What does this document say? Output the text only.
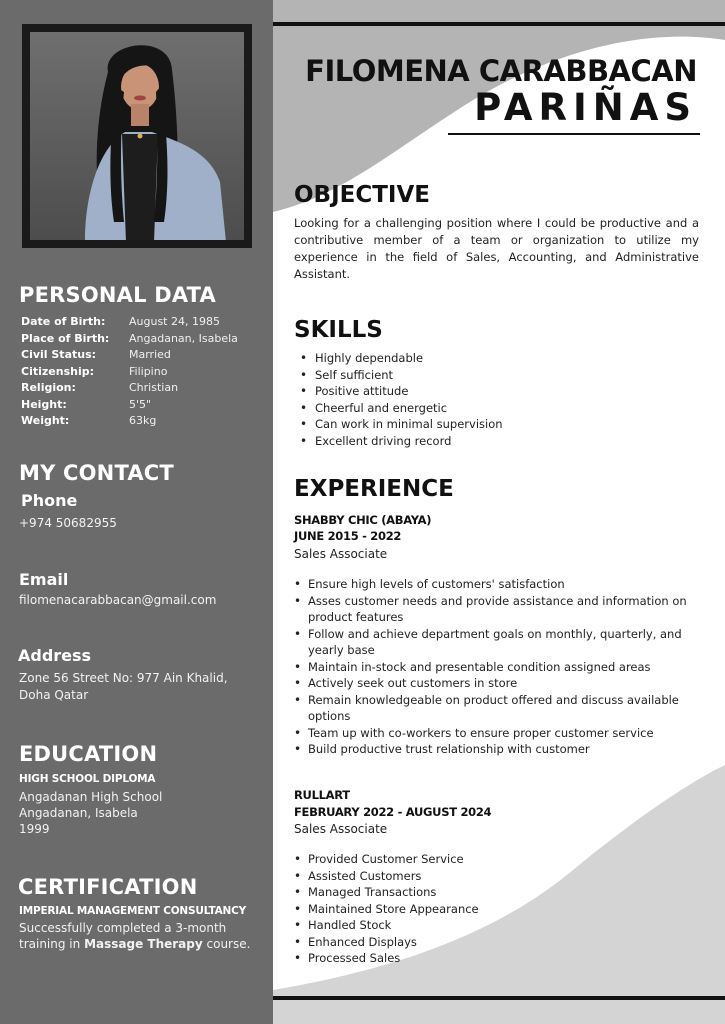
PERSONAL DATA
Date of Birth: August 24, 1985
Place of Birth: Angadanan, Isabela
Civil Status:	Married
Citizenship:	Filipino
Religion:	Christian
Height:	5'5"
Weight:	63kg
MY CONTACT
Phone
+974 50682955
Email
filomenacarabbacan@gmail.com
Address
Zone 56 Street No: 977 Ain Khalid,
Doha Qatar
EDUCATION
HIGH SCHOOL DIPLOMA
Angadanan High School
Angadanan, Isabela
1999
CERTIFICATION
IMPERIAL MANAGEMENT CONSULTANCY
Successfully completed a 3-month
training in Massage Therapy course.
FILOMENA CARABBACAN
PARIÑAS
OBJECTIVE
Looking for a challenging position where I could be productive and a contributive member of a team or organization to utilize my experience in the field of Sales, Accounting, and Administrative Assistant.
SKILLS
• Highly dependable
• Self sufficient
• Positive attitude
• Cheerful and energetic
• Can work in minimal supervision
• Excellent driving record
EXPERIENCE
SHABBY CHIC (ABAYA)
JUNE 2015 - 2022
Sales Associate
• Ensure high levels of customers' satisfaction
• Asses customer needs and provide assistance and information on product features
• Follow and achieve department goals on monthly, quarterly, and yearly base
• Maintain in-stock and presentable condition assigned areas
• Actively seek out customers in store
• Remain knowledgeable on product offered and discuss available options
• Team up with co-workers to ensure proper customer service
• Build productive trust relationship with customer
RULLART
FEBRUARY 2022 - AUGUST 2024
Sales Associate
• Provided Customer Service
• Assisted Customers
• Managed Transactions
• Maintained Store Appearance
• Handled Stock
• Enhanced Displays
• Processed Sales
